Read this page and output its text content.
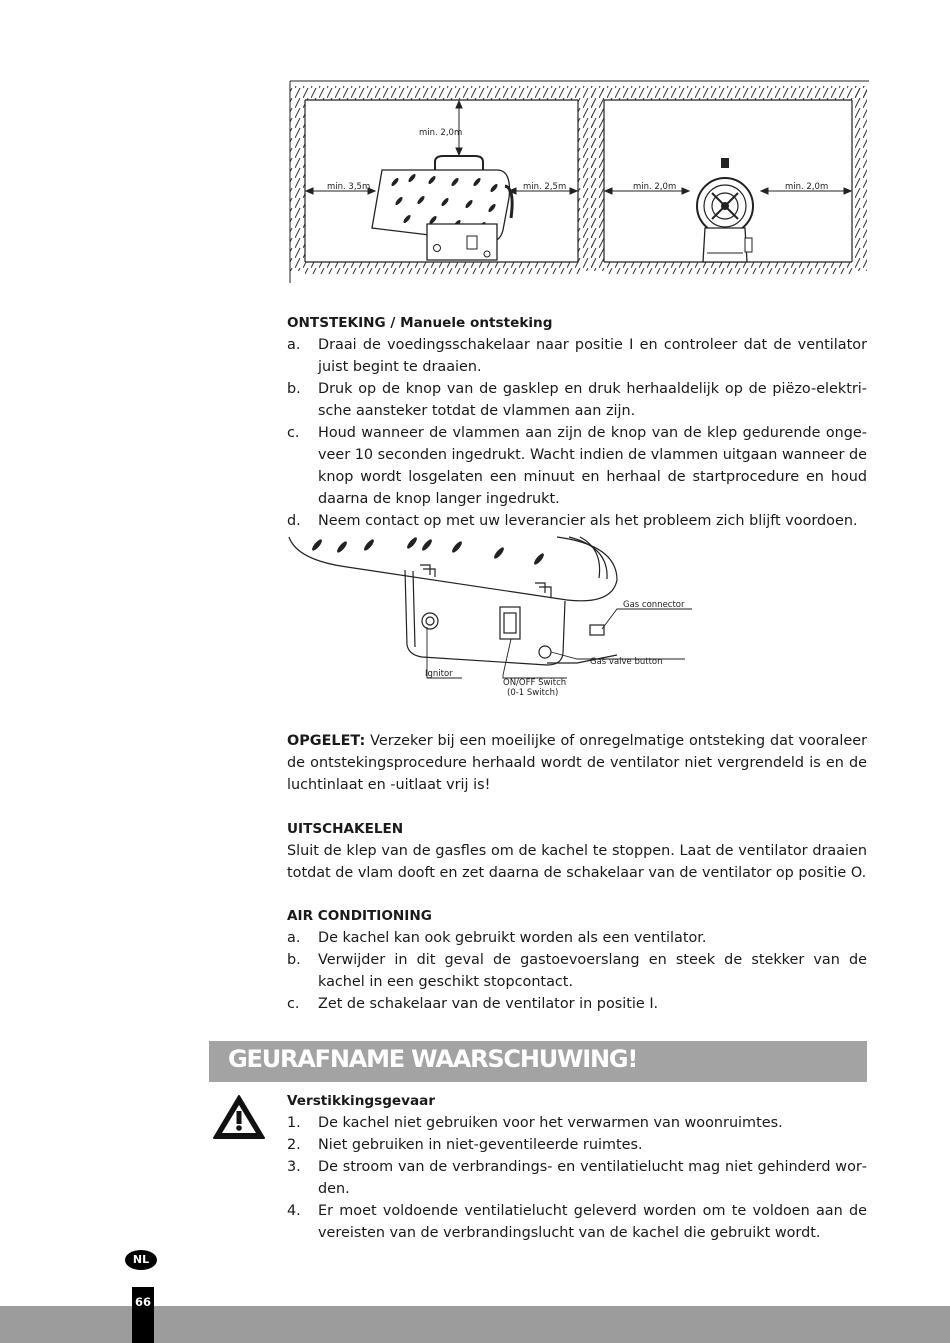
min. 2,0m
min. 3,5m	min. 2,5m	min. 2,0m	min. 2,0m
ONTSTEKING / Manuele ontsteking
a. Draai de voedingsschakelaar naar positie I en controleer dat de ventilator juist begint te draaien.
b. Druk op de knop van de gasklep en druk herhaaldelijk op de piëzo-elektrische aansteker totdat de vlammen aan zijn.
c. Houd wanneer de vlammen aan zijn de knop van de klep gedurende ongeveer 10 seconden ingedrukt. Wacht indien de vlammen uitgaan wanneer de knop wordt losgelaten een minuut en herhaal de startprocedure en houd daarna de knop langer ingedrukt.
d. Neem contact op met uw leverancier als het probleem zich blijft voordoen.
Gas connector
Gas valve button
Ignitor
ON/OFF Switch
(0-1 Switch)
OPGELET: Verzeker bij een moeilijke of onregelmatige ontsteking dat vooraleer de ontstekingsprocedure herhaald wordt de ventilator niet vergrendeld is en de luchtinlaat en -uitlaat vrij is!
UITSCHAKELEN
Sluit de klep van de gasfles om de kachel te stoppen. Laat de ventilator draaien totdat de vlam dooft en zet daarna de schakelaar van de ventilator op positie O.
AIR CONDITIONING
a. De kachel kan ook gebruikt worden als een ventilator.
b. Verwijder in dit geval de gastoevoerslang en steek de stekker van de kachel in een geschikt stopcontact.
c. Zet de schakelaar van de ventilator in positie I.
GEURAFNAME WAARSCHUWING!
Verstikkingsgevaar
1. De kachel niet gebruiken voor het verwarmen van woonruimtes.
2. Niet gebruiken in niet-geventileerde ruimtes.
3. De stroom van de verbrandings- en ventilatielucht mag niet gehinderd worden.
4. Er moet voldoende ventilatielucht geleverd worden om te voldoen aan de vereisten van de verbrandingslucht van de kachel die gebruikt wordt.
NL
66
